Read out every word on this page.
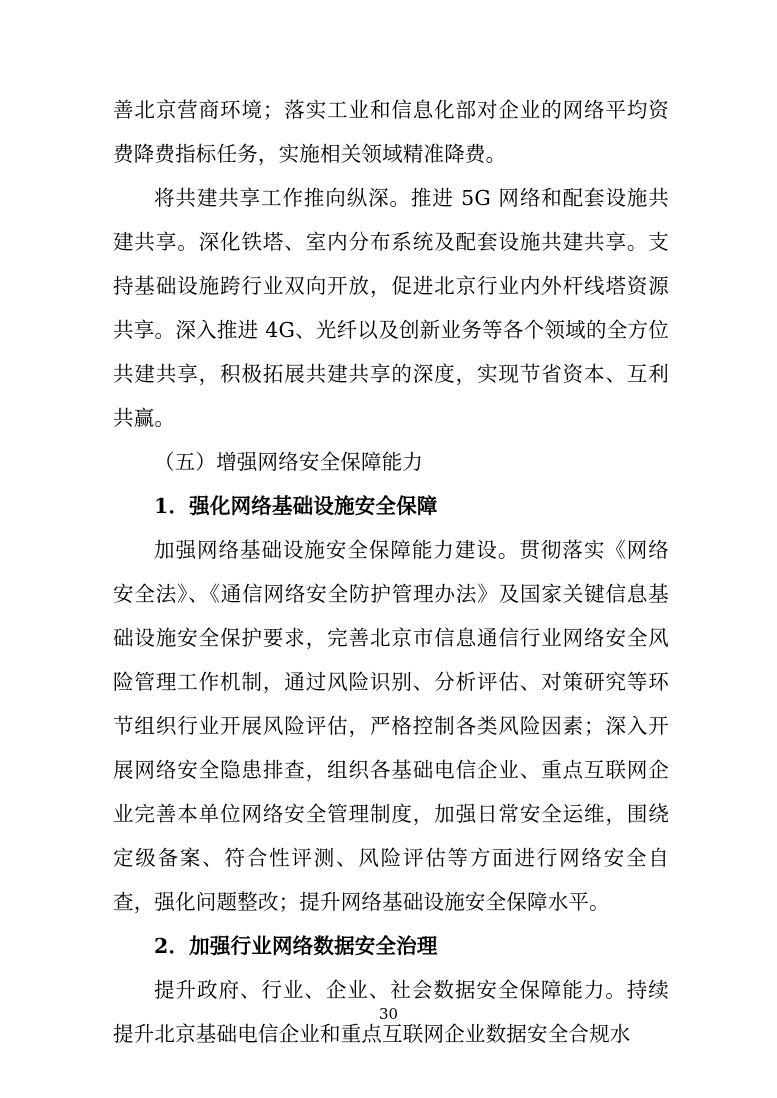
善北京营商环境；落实工业和信息化部对企业的网络平均资费降费指标任务，实施相关领域精准降费。

将共建共享工作推向纵深。推进 5G 网络和配套设施共建共享。深化铁塔、室内分布系统及配套设施共建共享。支持基础设施跨行业双向开放，促进北京行业内外杆线塔资源共享。深入推进 4G、光纤以及创新业务等各个领域的全方位共建共享，积极拓展共建共享的深度，实现节省资本、互利共赢。

（五）增强网络安全保障能力

1．强化网络基础设施安全保障

加强网络基础设施安全保障能力建设。贯彻落实《网络安全法》、《通信网络安全防护管理办法》及国家关键信息基础设施安全保护要求，完善北京市信息通信行业网络安全风险管理工作机制，通过风险识别、分析评估、对策研究等环节组织行业开展风险评估，严格控制各类风险因素；深入开展网络安全隐患排查，组织各基础电信企业、重点互联网企业完善本单位网络安全管理制度，加强日常安全运维，围绕定级备案、符合性评测、风险评估等方面进行网络安全自查，强化问题整改；提升网络基础设施安全保障水平。

2．加强行业网络数据安全治理

提升政府、行业、企业、社会数据安全保障能力。持续提升北京基础电信企业和重点互联网企业数据安全合规水

30
